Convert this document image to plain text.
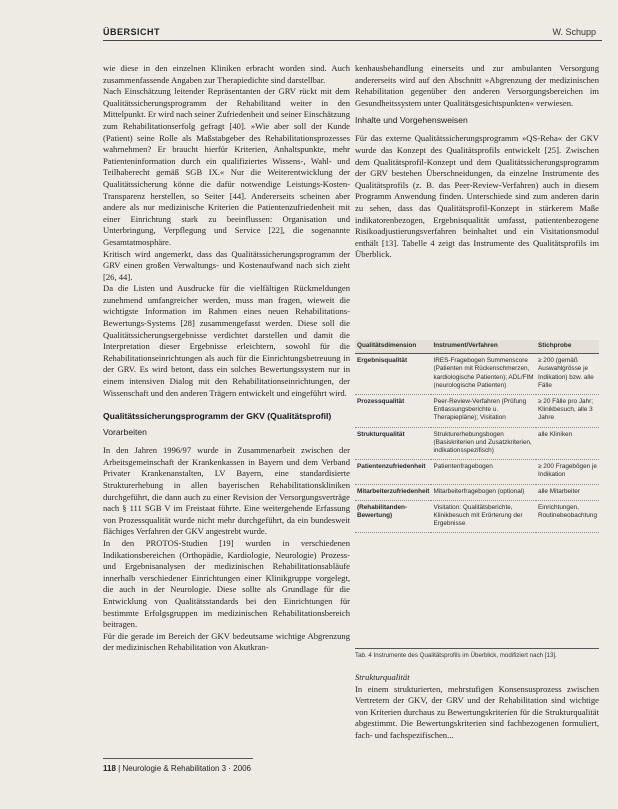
ÜBERSICHT	W. Schupp

wie diese in den einzelnen Kliniken erbracht worden sind. Auch zusammenfassende Angaben zur Therapiedichte sind darstellbar.

Nach Einschätzung leitender Repräsentanten der GRV rückt mit dem Qualitätssicherungsprogramm der Rehabilitand weiter in den Mittelpunkt. Er wird nach seiner Zufriedenheit und seiner Einschätzung zum Rehabilitationserfolg gefragt [40]. »Wie aber soll der Kunde (Patient) seine Rolle als Maßstabgeber des Rehabilitationsprozesses wahrnehmen? Er braucht hierfür Kriterien, Anhaltspunkte, mehr Patienteninformation durch ein qualifiziertes Wissens-, Wahl- und Teilhaberecht gemäß SGB IX.« Nur die Weiterentwicklung der Qualitätssicherung könne die dafür notwendige Leistungs-Kosten-Transparenz herstellen, so Seiter [44]. Andererseits scheinen aber andere als nur medizinische Kriterien die Patientenzufriedenheit mit einer Einrichtung stark zu beeinflussen: Organisation und Unterbringung, Verpflegung und Service [22], die sogenannte Gesamtatmosphäre.

Kritisch wird angemerkt, dass das Qualitätssicherungsprogramm der GRV einen großen Verwaltungs- und Kostenaufwand nach sich zieht [26, 44].

Da die Listen und Ausdrucke für die vielfältigen Rückmeldungen zunehmend umfangreicher werden, muss man fragen, wieweit die wichtigste Information im Rahmen eines neuen Rehabilitations-Bewertungs-Systems [28] zusammengefasst werden. Diese soll die Qualitätssicherungsergebnisse verdichtet darstellen und damit die Interpretation dieser Ergebnisse erleichtern, sowohl für die Rehabilitationseinrichtungen als auch für die Einrichtungsbetreuung in der GRV. Es wird betont, dass ein solches Bewertungssystem nur in einem intensiven Dialog mit den Rehabilitationseinrichtungen, der Wissenschaft und den anderen Trägern entwickelt und eingeführt wird.

Qualitätssicherungsprogramm der GKV (Qualitätsprofil)
Vorarbeiten

In den Jahren 1996/97 wurde in Zusammenarbeit zwischen der Arbeitsgemeinschaft der Krankenkassen in Bayern und dem Verband Privater Krankenanstalten, LV Bayern, eine standardisierte Strukturerhebung in allen bayerischen Rehabilitationskliniken durchgeführt, die dann auch zu einer Revision der Versorgungsverträge nach § 111 SGB V im Freistaat führte. Eine weitergehende Erfassung von Prozessqualität wurde nicht mehr durchgeführt, da ein bundesweit flächiges Verfahren der GKV angestrebt wurde.

In den PROTOS-Studien [19] wurden in verschiedenen Indikationsbereichen (Orthopädie, Kardiologie, Neurologie) Prozess- und Ergebnisanalysen der medizinischen Rehabilitationsabläufe innerhalb verschiedener Einrichtungen einer Klinikgruppe vorgelegt, die auch in der Neurologie. Diese sollte als Grundlage für die Entwicklung von Qualitätsstandards bei den Einrichtungen für bestimmte Erfolgsgruppen im medizinischen Rehabilitationsbereich beitragen.

Für die gerade im Bereich der GKV bedeutsame wichtige Abgrenzung der medizinischen Rehabilitation von Akutkran-

kenhausbehandlung einerseits und zur ambulanten Versorgung andererseits wird auf den Abschnitt »Abgrenzung der medizinischen Rehabilitation gegenüber den anderen Versorgungsbereichen im Gesundheitssystem unter Qualitätsgesichtspunkten« verwiesen.

Inhalte und Vorgehensweisen

Für das externe Qualitätssicherungsprogramm »QS-Reha« der GKV wurde das Konzept des Qualitätsprofils entwickelt [25]. Zwischen dem Qualitätsprofil-Konzept und dem Qualitätssicherungsprogramm der GRV bestehen Überschneidungen, da einzelne Instrumente des Qualitätsprofils (z. B. das Peer-Review-Verfahren) auch in diesem Programm Anwendung finden. Unterschiede sind zum anderen darin zu sehen, dass das Qualitätsprofil-Konzept in stärkerem Maße indikatorenbezogen, Ergebnisqualität umfasst, patientenbezogene Risikoadjustierungsverfahren beinhaltet und ein Visitationsmodul enthält [13]. Tabelle 4 zeigt das Instrumente des Qualitätsprofils im Überblick.

Qualitätsdimension	Instrument/Verfahren	Stichprobe
Ergebnisqualität	IRES-Fragebogen Summenscore (Patienten mit Rückenschmerzen, kardiologische Patienten); ADL/FIM (neurologische Patienten)	≥ 200 (gemäß Auswahlgrösse je Indikation) bzw. alle Fälle
Prozessqualität	Peer-Review-Verfahren (Prüfung Entlassungsberichte u. Therapiepläne); Visitation	≥ 20 Fälle pro Jahr; Klinikbesuch, alle 3 Jahre
Strukturqualität	Strukturerhebungsbogen (Basiskriterien und Zusatzkriterien, indikationsspezifisch)	alle Kliniken
Patientenzufriedenheit	Patientenfragebogen	≥ 200 Fragebögen je Indikation
Mitarbeiterzufriedenheit	Mitarbeiterfragebogen (optional)	alle Mitarbeiter
(Rehabilitanden-Bewertung)	Visitation: Qualitätsberichte, Klinikbesuch mit Erörterung der Ergebnisse	Einrichtungen, Routinebeobachtung
Tab. 4 Instrumente des Qualitätsprofils im Überblick, modifiziert nach [13].

Strukturqualität

In einem strukturierten, mehrstufigen Konsensusprozess zwischen Vertretern der GKV, der GRV und der Rehabilitation sind wichtige von Kriterien durchaus zu Bewertungskriterien für die Strukturqualität abgestimmt. Die Bewertungskriterien sind fachbezogenen formuliert, fach- und fachspezifischen...

118 | Neurologie & Rehabilitation 3 · 2006
